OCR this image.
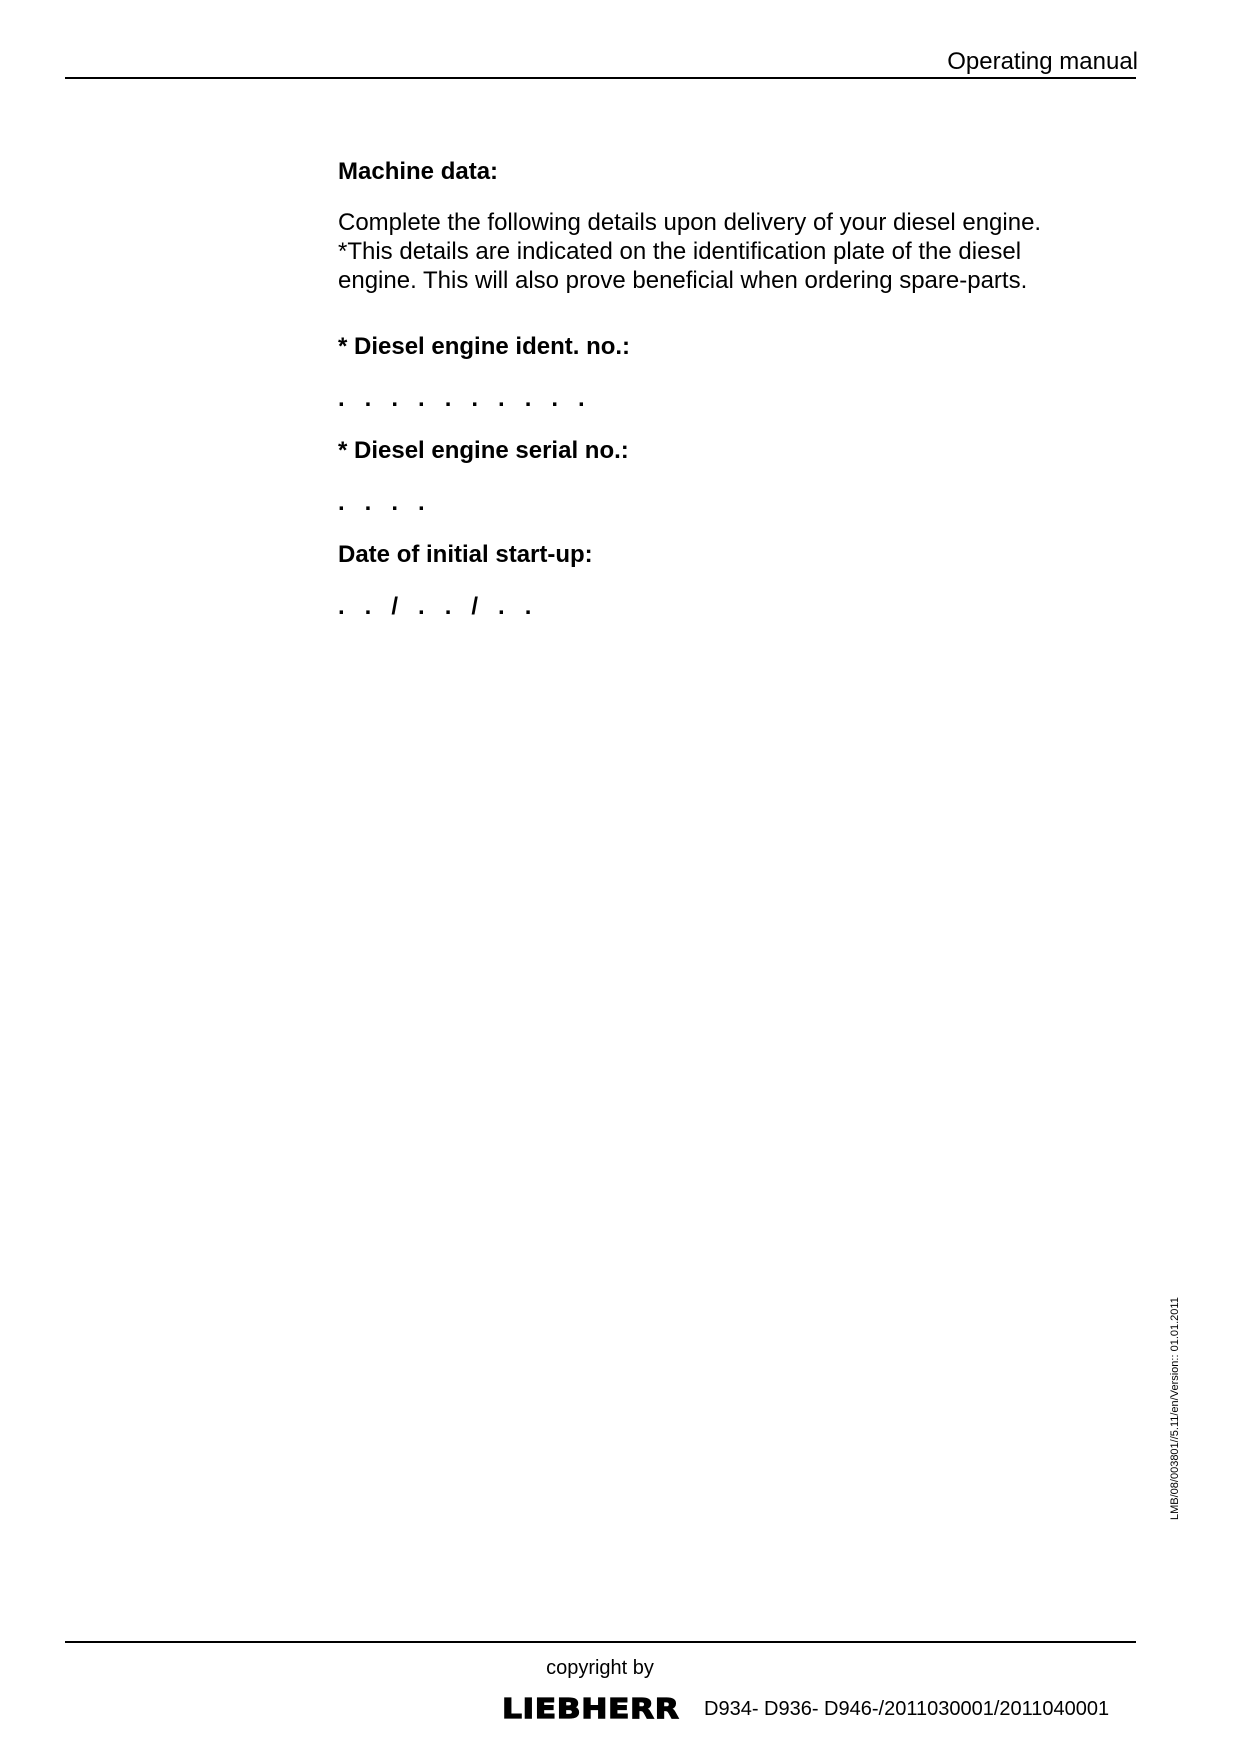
Operating manual
Machine data:

Complete the following details upon delivery of your diesel engine.
*This details are indicated on the identification plate of the diesel
engine. This will also prove beneficial when ordering spare-parts.

* Diesel engine ident. no.:

.   .   .   .   .   .   .   .   .   .

* Diesel engine serial no.:

.   .   .   .

Date of initial start-up:

.   .   /   .   .   /   .   .

LMB/08/003801//5.11/en/Version:: 01.01.2011
copyright by
LIEBHERR	D934- D936- D946-/2011030001/2011040001
